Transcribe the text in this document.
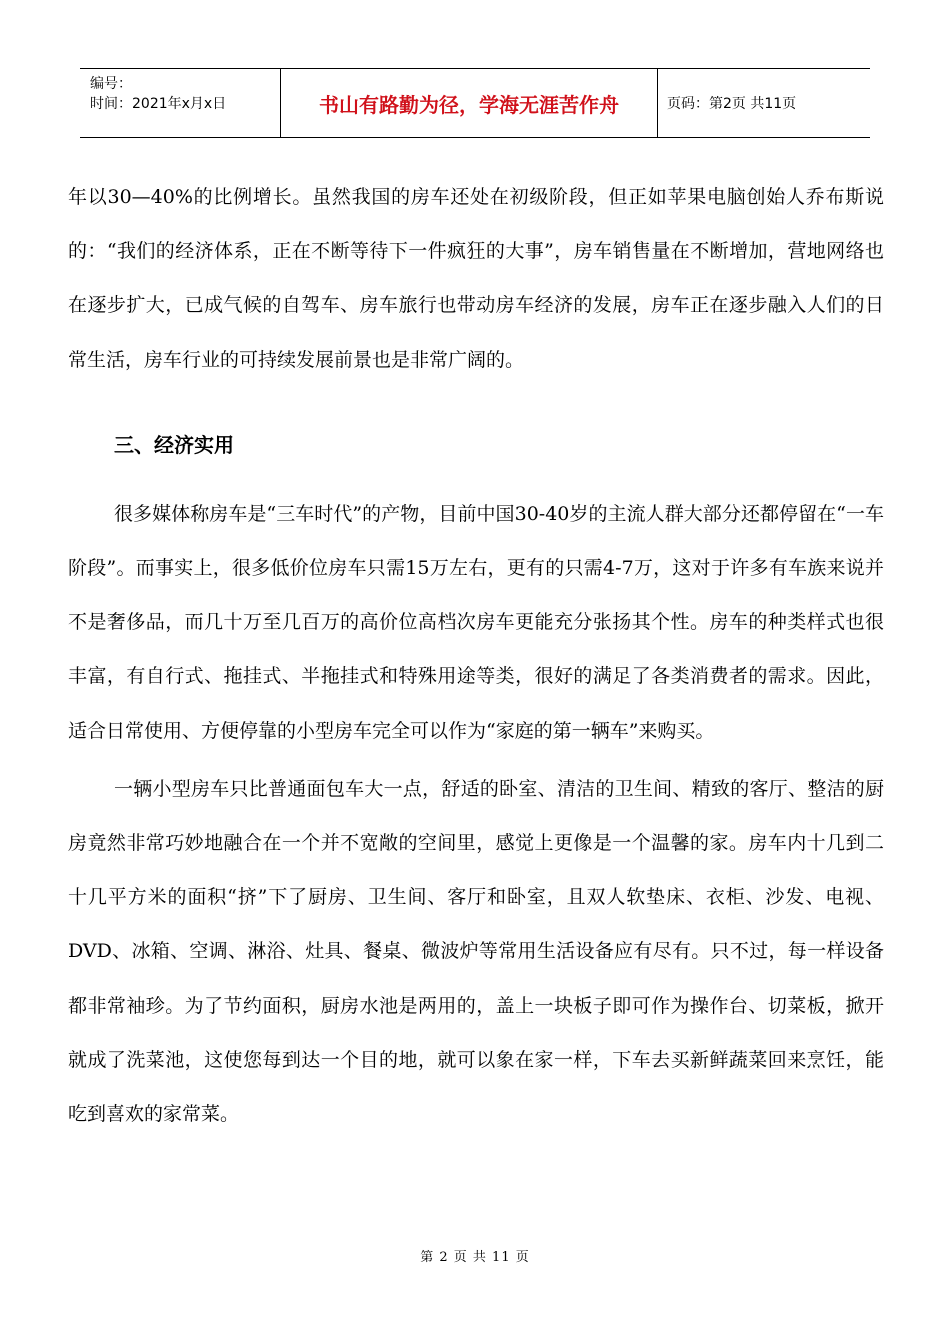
编号：
时间：2021年x月x日	书山有路勤为径，学海无涯苦作舟	页码：第2页 共11页

年以30—40%的比例增长。虽然我国的房车还处在初级阶段，但正如苹果电脑创始人乔布斯说的：“我们的经济体系，正在不断等待下一件疯狂的大事”，房车销售量在不断增加，营地网络也在逐步扩大，已成气候的自驾车、房车旅行也带动房车经济的发展，房车正在逐步融入人们的日常生活，房车行业的可持续发展前景也是非常广阔的。

三、经济实用

很多媒体称房车是“三车时代”的产物，目前中国30-40岁的主流人群大部分还都停留在“一车阶段”。而事实上，很多低价位房车只需15万左右，更有的只需4-7万，这对于许多有车族来说并不是奢侈品，而几十万至几百万的高价位高档次房车更能充分张扬其个性。房车的种类样式也很丰富，有自行式、拖挂式、半拖挂式和特殊用途等类，很好的满足了各类消费者的需求。因此，适合日常使用、方便停靠的小型房车完全可以作为“家庭的第一辆车”来购买。

一辆小型房车只比普通面包车大一点，舒适的卧室、清洁的卫生间、精致的客厅、整洁的厨房竟然非常巧妙地融合在一个并不宽敞的空间里，感觉上更像是一个温馨的家。房车内十几到二十几平方米的面积“挤”下了厨房、卫生间、客厅和卧室，且双人软垫床、衣柜、沙发、电视、DVD、冰箱、空调、淋浴、灶具、餐桌、微波炉等常用生活设备应有尽有。只不过，每一样设备都非常袖珍。为了节约面积，厨房水池是两用的，盖上一块板子即可作为操作台、切菜板，掀开就成了洗菜池，这使您每到达一个目的地，就可以象在家一样，下车去买新鲜蔬菜回来烹饪，能吃到喜欢的家常菜。

第 2 页 共 11 页
